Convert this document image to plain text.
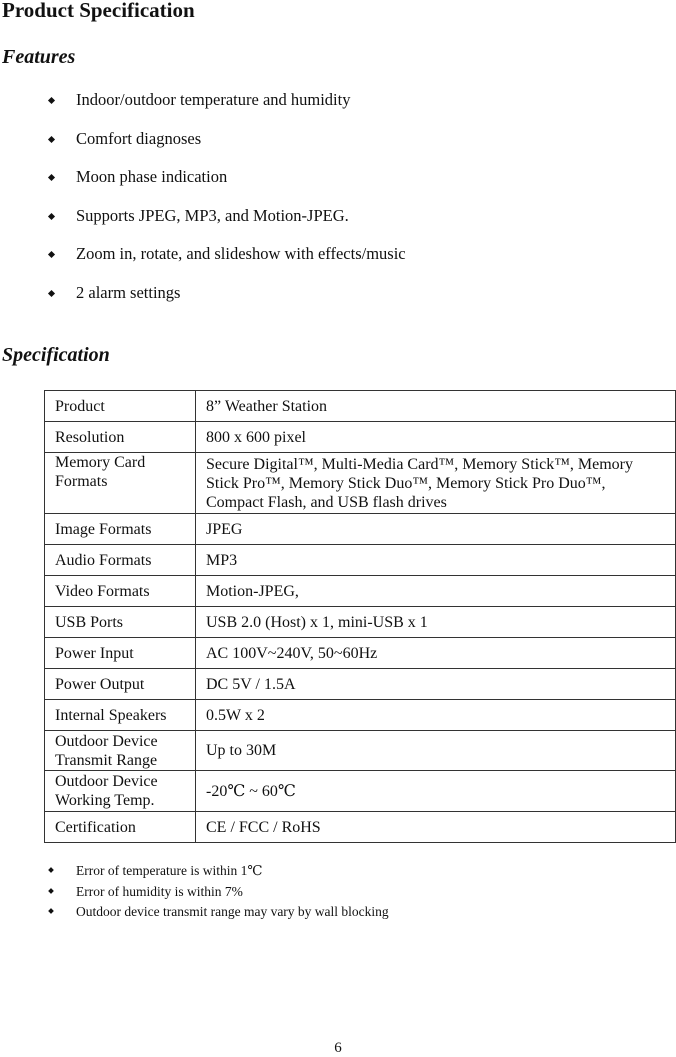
Product Specification
Features
Indoor/outdoor temperature and humidity
Comfort diagnoses
Moon phase indication
Supports JPEG, MP3, and Motion-JPEG.
Zoom in, rotate, and slideshow with effects/music
2 alarm settings
Specification
Product	8” Weather Station
Resolution	800 x 600 pixel
Memory Card Formats	Secure Digital™, Multi-Media Card™, Memory Stick™, Memory Stick Pro™, Memory Stick Duo™, Memory Stick Pro Duo™, Compact Flash, and USB flash drives
Image Formats	JPEG
Audio Formats	MP3
Video Formats	Motion-JPEG,
USB Ports	USB 2.0 (Host) x 1, mini-USB x 1
Power Input	AC 100V~240V, 50~60Hz
Power Output	DC 5V / 1.5A
Internal Speakers	0.5W x 2
Outdoor Device Transmit Range	Up to 30M
Outdoor Device Working Temp.	-20℃ ~ 60℃
Certification	CE / FCC / RoHS
Error of temperature is within 1℃
Error of humidity is within 7%
Outdoor device transmit range may vary by wall blocking
6
